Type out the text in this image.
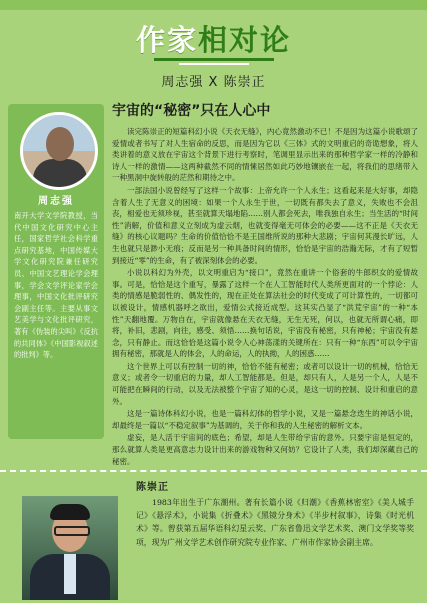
作家相对论
周志强 X 陈崇正
周志强
南开大学文学院教授，当代中国文化研究中心主任，国家哲学社会科学重点研究基地，中国传媒大学文化研究院兼任研究员、中国文艺理论学会理事，学会文学评论家学会理事，中国文化批评研究会副主任等。主要从事文艺美学与文化批评研究，著有《伪装的尖叫》《反抗的共同体》《中国影视叙述的批判》等。
宇宙的“秘密”只在人心中

读完陈崇正的短篇科幻小说《天衣无缝》，内心竟然激动不已！不是因为这篇小说歌颂了爱情或者书写了对人生宿命的反思，而是因为它以《三体》式的文明重启的奇诡想象，将人类讲着的意义放在宇宙这个背景下进行考察时，笔调里显示出来的那种哲学家一样的冷静和诗人一样的激情——这两种截然不同的情愫居然如此巧妙地镶嵌在一起，将我们的思绪带入一种黑洞中旋转般的茫然和期待之中。

一部法国小说曾经写了这样一个故事：上帝允许一个人永生；这看起来是大好事，却隐含着人生了无意义的困境：如果一个人永生于世，一切既有都失去了意义，失败也不会沮丧，相爱也无须珍视，甚至就算天塌地陷……别人都会死去，唯我独自永生；当生活的“时间性”消解，价值和意义立刻成为虚云烟，也就变得毫无可体会的必要——这不正是《天衣无缝》的核心议题吗？生命的价值恰恰不是王国维所说的那种大悲剧；宇宙何其漫长旷远，人生也就只是渺小无痕；反而是另一种具备时间的情形，恰恰是宇宙的浩瀚无际，才有了短暂到接近“零”的生命，有了被深刻体会的必要。

小说以科幻为外壳，以文明重启为“接口”，竟然在重讲一个俗套的牛郎织女的爱情故事。可是，恰恰是这个重写，暴露了这样一个在人工智能时代人类所更面对的一个悖论：人类的情感是脆弱性的、偶发性的，现在正处在算法社会的时代变成了可计算性的，一切都可以被设计，情感机器呼之欲出，爱情公式接近成型。这其实凸显了“洪荒宇宙”的一种“本性”天翻地覆。万物自在，宇宙就像悬在天衣无缝，无生无死，何以，也就无所谓心痛，即将，补旧，悲剧，向往，感受、须悟……换句话说，宇宙没有秘密，只有神秘；宇宙没有悬念，只有静止。而这恰恰是这篇小说令人心神荡漾的关键所在：只有一种“东西”可以令宇宙拥有秘密，那就是人的体会，人的命运，人的执拗，人的困惑……

这个世界上可以有控制一切的神，恰恰不能有秘密；或者可以设计一切的机械，恰恰无意义；或者令一切重启的力量，却人工智能都是。但是，却只有人，人是另一个人，人是不可能把在瞬间的行动，以及无法被整个宇宙了知的心灵，是这一切的控制、设计和重启的意外。

这是一篇诗体科幻小说，也是一篇科幻体的哲学小说，又是一篇悬念迭生的神话小说，却最终是一篇以“不稳定叙事”为基调的，关于你和我的人生秘密的解析文本。

虚妄，是人活于宇宙间的底色；希望，却是人生带给宇宙的意外。只要宇宙是恒定的，那么就算人类是更高意志力设计出来的游戏物种又何妨？它设计了人类，我们却深藏自己的秘密。

陈崇正
1983年出生于广东潮州。著有长篇小说《归潮》《香蕉林密室》《美人城手记》《悬浮术》，小说集《折叠术》《黑镜分身术》《半步村叙事》，诗集《时光机术》等。曾获第五届华语科幻星云奖、广东省鲁迅文学艺术奖、澳门文学奖等奖项，现为广州文学艺术创作研究院专业作家、广州市作家协会副主席。
